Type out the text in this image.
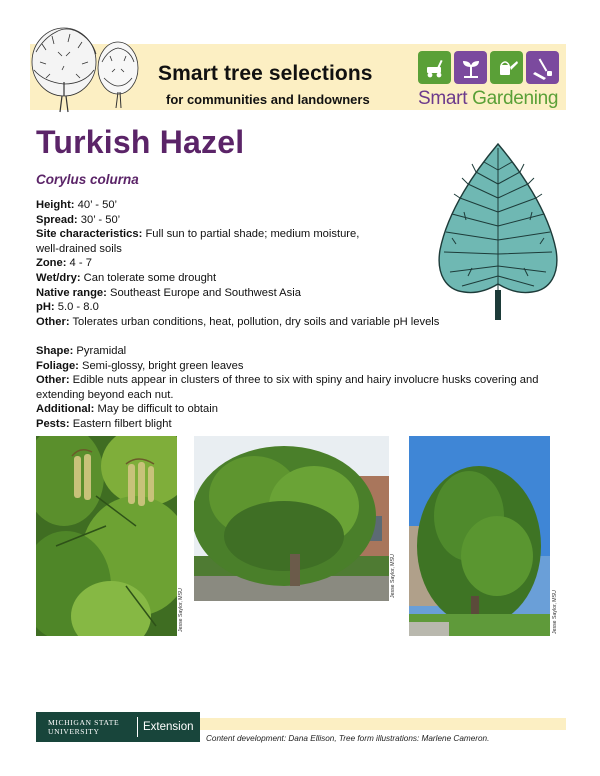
Smart tree selections
for communities and landowners	Smart Gardening
Turkish Hazel
Corylus colurna

Height: 40’ - 50’

Spread: 30’ - 50’

Site characteristics: Full sun to partial shade; medium moisture, well-drained soils

Zone: 4 - 7

Wet/dry: Can tolerate some drought

Native range: Southeast Europe and Southwest Asia

pH: 5.0 - 8.0

Other: Tolerates urban conditions, heat, pollution, dry soils and variable pH levels

Shape: Pyramidal

Foliage: Semi-glossy, bright green leaves

Other: Edible nuts appear in clusters of three to six with spiny and hairy involucre husks covering and extending beyond each nut.

Additional: May be difficult to obtain

Pests: Eastern filbert blight

Jesse Saylor, MSU
Jesse Saylor, MSU
Jesse Saylor, MSU
MICHIGAN STATE
UNIVERSITY	Extension
Content development: Dana Ellison, Tree form illustrations: Marlene Cameron.
